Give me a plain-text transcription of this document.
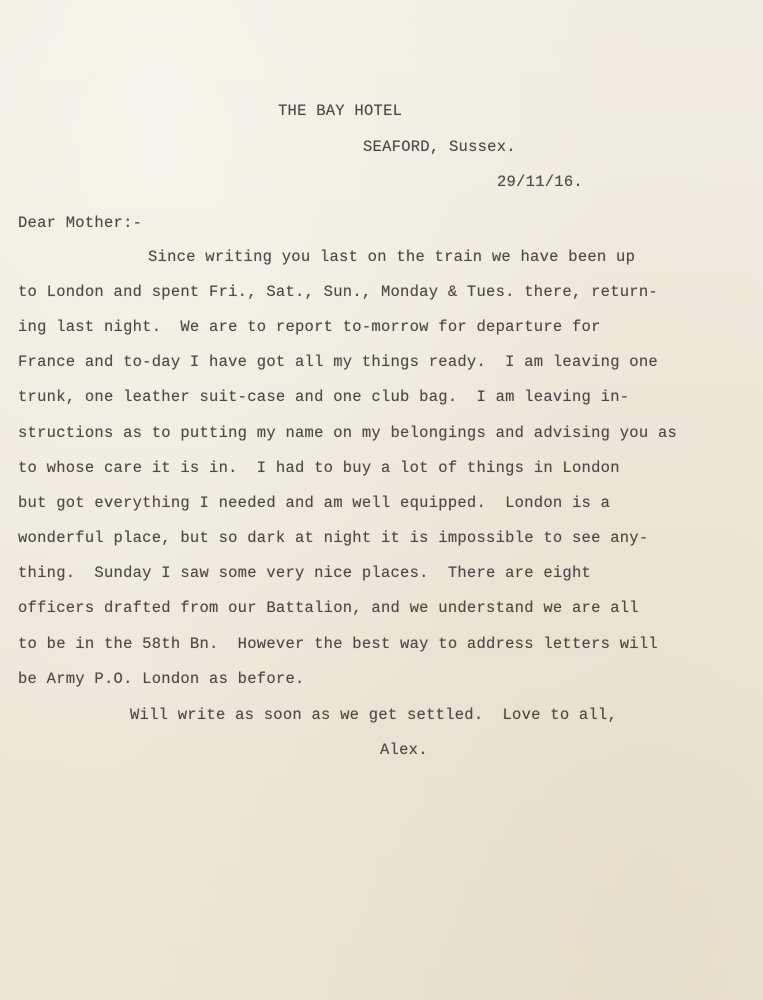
THE BAY HOTEL
SEAFORD, Sussex.
29/11/16.
Dear Mother:-
Since writing you last on the train we have been up
to London and spent Fri., Sat., Sun., Monday & Tues. there, return-
ing last night.  We are to report to-morrow for departure for
France and to-day I have got all my things ready.  I am leaving one
trunk, one leather suit-case and one club bag.  I am leaving in-
structions as to putting my name on my belongings and advising you as
to whose care it is in.  I had to buy a lot of things in London
but got everything I needed and am well equipped.  London is a
wonderful place, but so dark at night it is impossible to see any-
thing.  Sunday I saw some very nice places.  There are eight
officers drafted from our Battalion, and we understand we are all
to be in the 58th Bn.  However the best way to address letters will
be Army P.O. London as before.
Will write as soon as we get settled.  Love to all,
Alex.
